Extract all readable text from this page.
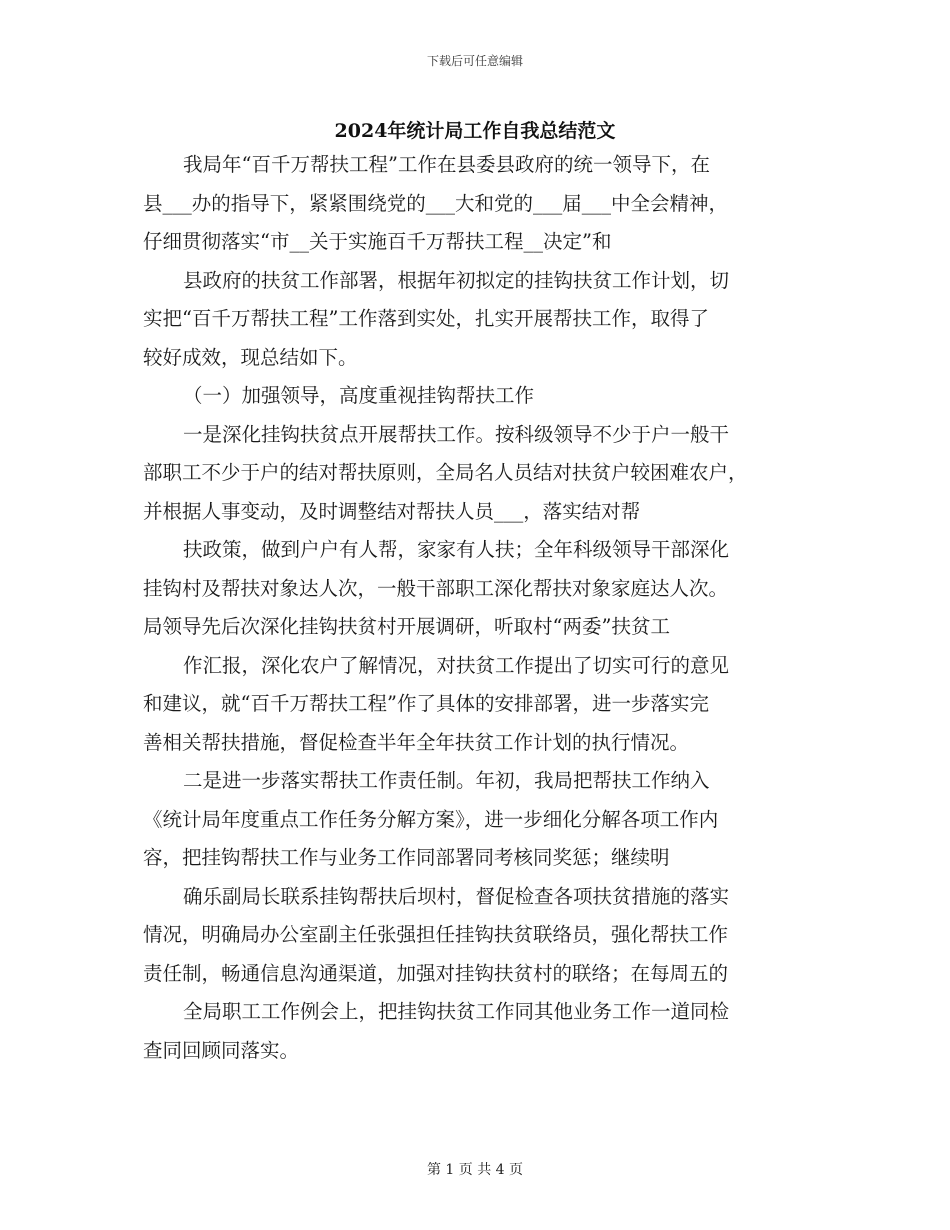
下载后可任意编辑
2024年统计局工作自我总结范文
我局年“百千万帮扶工程”工作在县委县政府的统一领导下，在
县___办的指导下，紧紧围绕党的___大和党的___届___中全会精神，
仔细贯彻落实“市__关于实施百千万帮扶工程__决定”和
县政府的扶贫工作部署，根据年初拟定的挂钩扶贫工作计划，切
实把“百千万帮扶工程”工作落到实处，扎实开展帮扶工作，取得了
较好成效，现总结如下。
（一）加强领导，高度重视挂钩帮扶工作
一是深化挂钩扶贫点开展帮扶工作。按科级领导不少于户一般干
部职工不少于户的结对帮扶原则，全局名人员结对扶贫户较困难农户，
并根据人事变动，及时调整结对帮扶人员___，落实结对帮
扶政策，做到户户有人帮，家家有人扶；全年科级领导干部深化
挂钩村及帮扶对象达人次，一般干部职工深化帮扶对象家庭达人次。
局领导先后次深化挂钩扶贫村开展调研，听取村“两委”扶贫工
作汇报，深化农户了解情况，对扶贫工作提出了切实可行的意见
和建议，就“百千万帮扶工程”作了具体的安排部署，进一步落实完
善相关帮扶措施，督促检查半年全年扶贫工作计划的执行情况。
二是进一步落实帮扶工作责任制。年初，我局把帮扶工作纳入
《统计局年度重点工作任务分解方案》，进一步细化分解各项工作内
容，把挂钩帮扶工作与业务工作同部署同考核同奖惩；继续明
确乐副局长联系挂钩帮扶后坝村，督促检查各项扶贫措施的落实
情况，明确局办公室副主任张强担任挂钩扶贫联络员，强化帮扶工作
责任制，畅通信息沟通渠道，加强对挂钩扶贫村的联络；在每周五的
全局职工工作例会上，把挂钩扶贫工作同其他业务工作一道同检
查同回顾同落实。
第 1 页 共 4 页
